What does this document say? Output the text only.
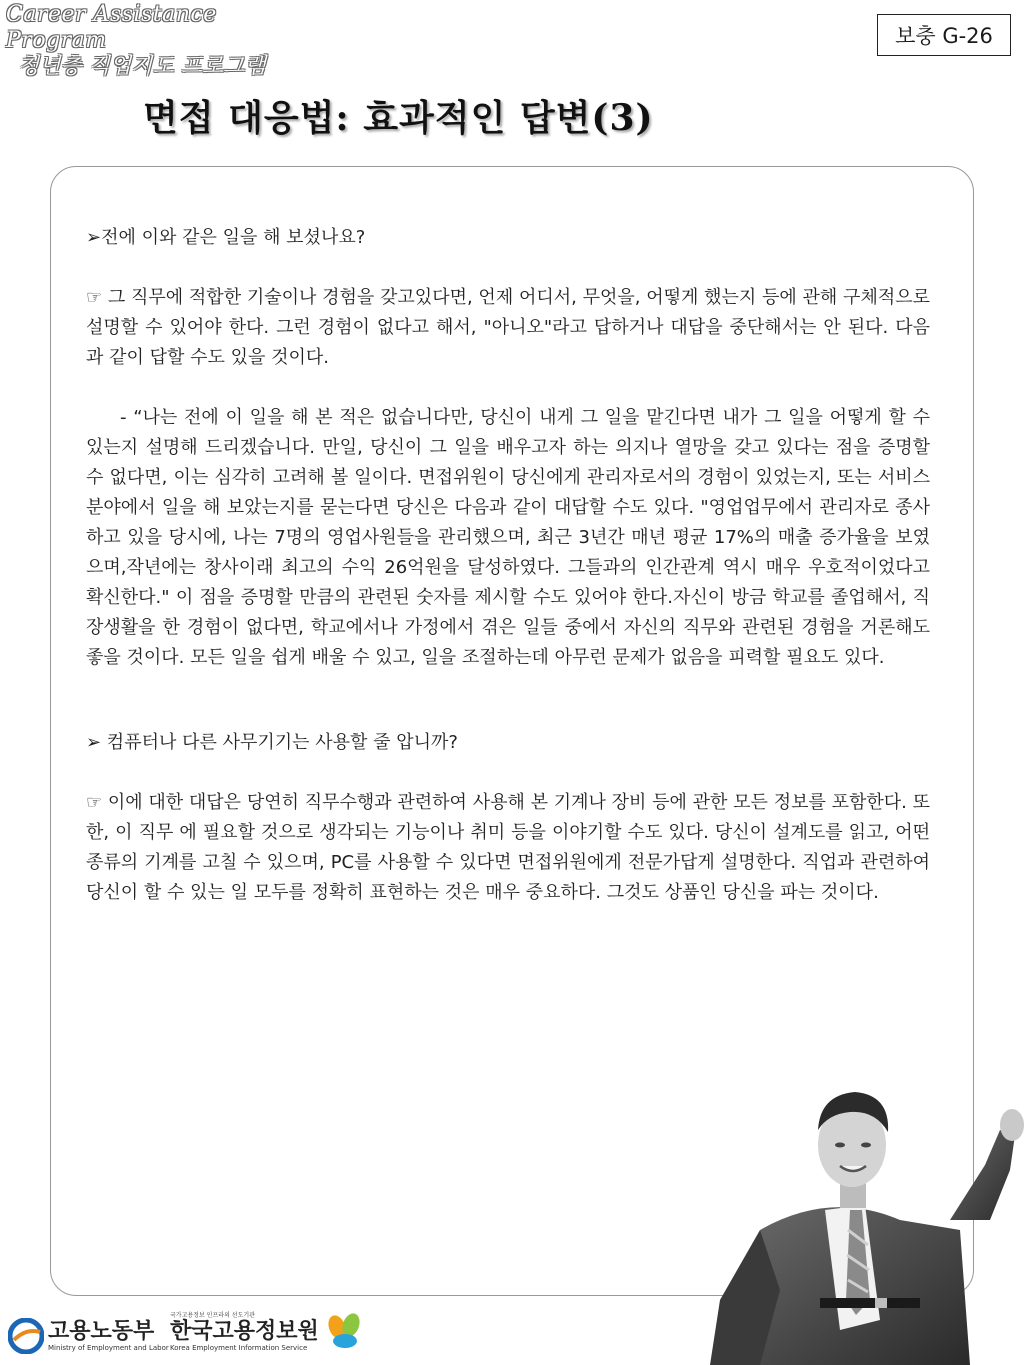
Career Assistance Program
청년층 직업지도 프로그램
보충 G-26
면접 대응법: 효과적인 답변(3)

➢전에 이와 같은 일을 해 보셨나요?

☞ 그 직무에 적합한 기술이나 경험을 갖고있다면, 언제 어디서, 무엇을, 어떻게 했는지 등에 관해 구체적으로 설명할 수 있어야 한다. 그런 경험이 없다고 해서, "아니오"라고 답하거나 대답을 중단해서는 안 된다. 다음과 같이 답할 수도 있을 것이다.

- “나는 전에 이 일을 해 본 적은 없습니다만, 당신이 내게 그 일을 맡긴다면 내가 그 일을 어떻게 할 수 있는지 설명해 드리겠습니다. 만일, 당신이 그 일을 배우고자 하는 의지나 열망을 갖고 있다는 점을 증명할 수 없다면, 이는 심각히 고려해 볼 일이다. 면접위원이 당신에게 관리자로서의 경험이 있었는지, 또는 서비스 분야에서 일을 해 보았는지를 묻는다면 당신은 다음과 같이 대답할 수도 있다. "영업업무에서 관리자로 종사하고 있을 당시에, 나는 7명의 영업사원들을 관리했으며, 최근 3년간 매년 평균 17%의 매출 증가율을 보였으며,작년에는 창사이래 최고의 수익 26억원을 달성하였다. 그들과의 인간관계 역시 매우 우호적이었다고 확신한다." 이 점을 증명할 만큼의 관련된 숫자를 제시할 수도 있어야 한다.자신이 방금 학교를 졸업해서, 직장생활을 한 경험이 없다면, 학교에서나 가정에서 겪은 일들 중에서 자신의 직무와 관련된 경험을 거론해도 좋을 것이다. 모든 일을 쉽게 배울 수 있고, 일을 조절하는데 아무런 문제가 없음을 피력할 필요도 있다.

➢ 컴퓨터나 다른 사무기기는 사용할 줄 압니까?

☞ 이에 대한 대답은 당연히 직무수행과 관련하여 사용해 본 기계나 장비 등에 관한 모든 정보를 포함한다. 또한, 이 직무 에 필요할 것으로 생각되는 기능이나 취미 등을 이야기할 수도 있다. 당신이 설계도를 읽고, 어떤 종류의 기계를 고칠 수 있으며, PC를 사용할 수 있다면 면접위원에게 전문가답게 설명한다. 직업과 관련하여 당신이 할 수 있는 일 모두를 정확히 표현하는 것은 매우 중요하다. 그것도 상품인 당신을 파는 것이다.

고용노동부
Ministry of Employment and Labor
국가고용정보 인프라의 선도기관
한국고용정보원
Korea Employment Information Service
